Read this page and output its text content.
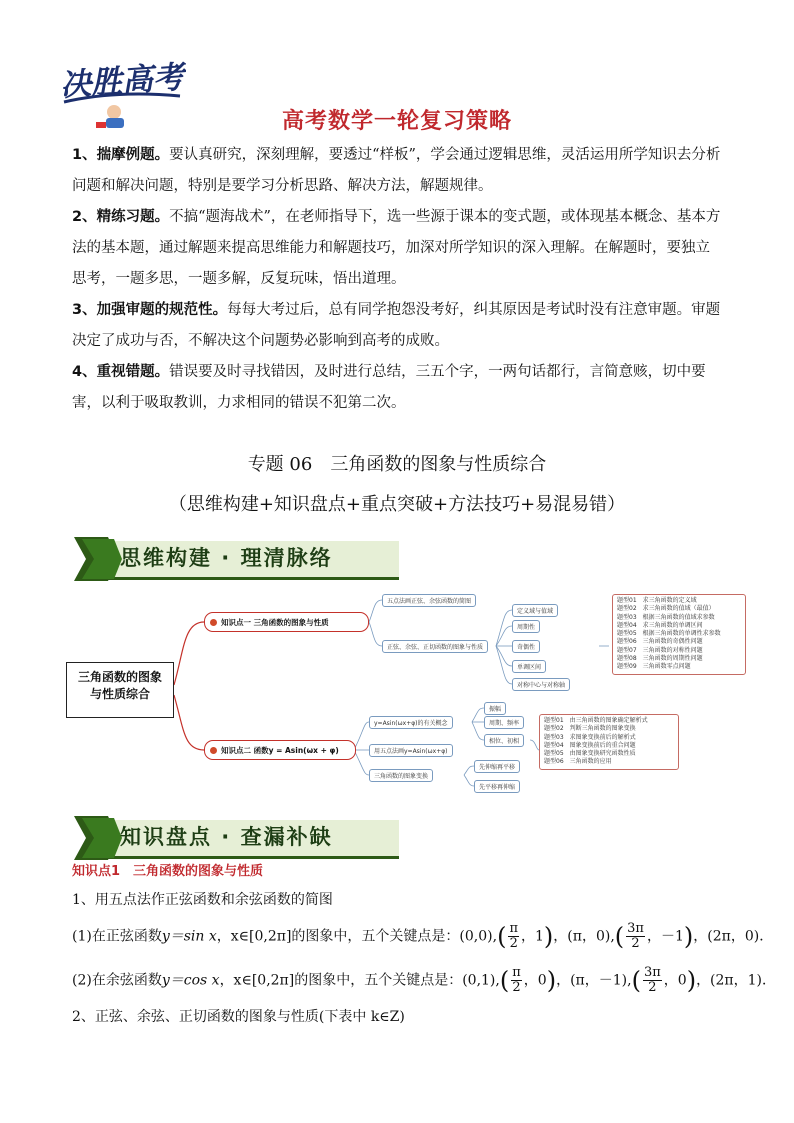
决胜高考
高考数学一轮复习策略
1、揣摩例题。要认真研究，深刻理解，要透过“样板”，学会通过逻辑思维，灵活运用所学知识去分析问题和解决问题，特别是要学习分析思路、解决方法，解题规律。
2、精练习题。不搞“题海战术”，在老师指导下，选一些源于课本的变式题，或体现基本概念、基本方法的基本题，通过解题来提高思维能力和解题技巧，加深对所学知识的深入理解。在解题时，要独立思考，一题多思，一题多解，反复玩味，悟出道理。
3、加强审题的规范性。每每大考过后，总有同学抱怨没考好，纠其原因是考试时没有注意审题。审题决定了成功与否，不解决这个问题势必影响到高考的成败。
4、重视错题。错误要及时寻找错因，及时进行总结，三五个字，一两句话都行，言简意赅，切中要害，以利于吸取教训，力求相同的错误不犯第二次。
专题 06　三角函数的图象与性质综合
（思维构建+知识盘点+重点突破+方法技巧+易混易错）
思维构建 · 理清脉络
三角函数的图象
与性质综合
知识点一 三角函数的图象与性质
五点法画正弦、余弦函数的简图
正弦、余弦、正切函数的图象与性质
定义域与值域
周期性
奇偶性
单调区间
对称中心与对称轴
题型01　求三角函数的定义域
题型02　求三角函数的值域（最值）
题型03　根据三角函数的值域求参数
题型04　求三角函数的单调区间
题型05　根据三角函数的单调性求参数
题型06　三角函数的奇偶性问题
题型07　三角函数的对称性问题
题型08　三角函数的周期性问题
题型09　三角函数零点问题
知识点二 函数y = Asin(ωx + φ)
y=Asin(ωx+φ)的有关概念
用五点法画y=Asin(ωx+φ)
三角函数的图象变换
振幅
周期、频率
相位、初相
先伸缩再平移
先平移再伸缩
题型01　由三角函数的图象确定解析式
题型02　判断三角函数的图象变换
题型03　求图象变换前后的解析式
题型04　图象变换前后的重合问题
题型05　由图象变换研究函数性质
题型06　三角函数的应用
知识盘点 · 查漏补缺
知识点1　三角函数的图象与性质
1、用五点法作正弦函数和余弦函数的简图
(1)在正弦函数y＝sin x，x∈[0,2π]的图象中，五个关键点是：$(0,0),( \frac{\pi}{2}$ ，1)，(π，$0),( \frac{3\pi}{2}$ ，－1)，(2π，0)．
(2)在余弦函数y＝cos x，x∈[0,2π]的图象中，五个关键点是：$(0,1),( \frac{\pi}{2}$ ，0)，(π，$-1),( \frac{3\pi}{2}$ ，0)，(2π，1)．
2、正弦、余弦、正切函数的图象与性质(下表中 k∈Z)
